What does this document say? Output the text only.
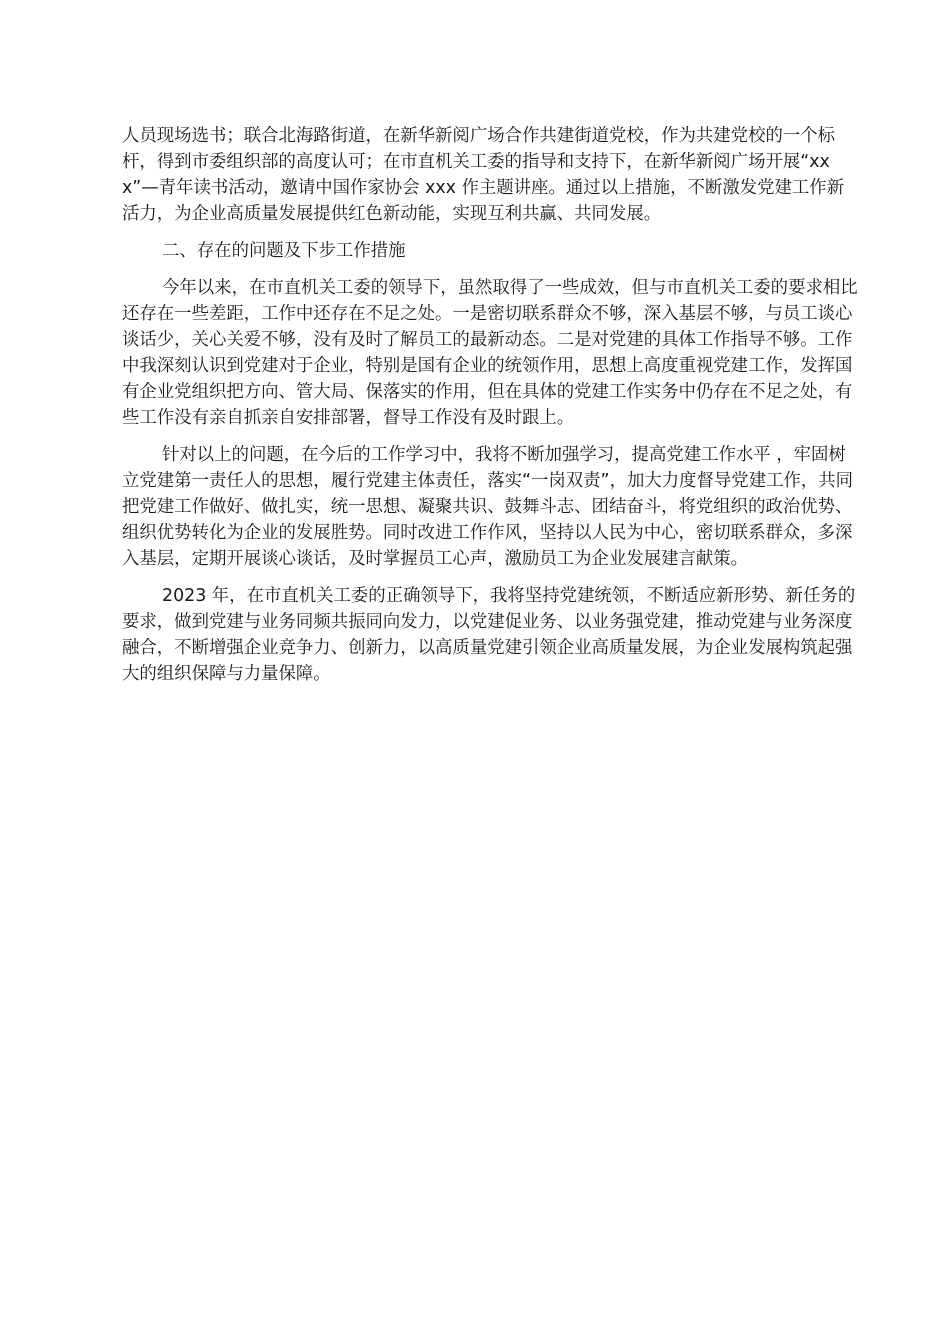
人员现场选书；联合北海路街道，在新华新阅广场合作共建街道党校，作为共建党校的一个标杆，得到市委组织部的高度认可；在市直机关工委的指导和支持下，在新华新阅广场开展“xxx”—青年读书活动，邀请中国作家协会 xxx 作主题讲座。通过以上措施，不断激发党建工作新活力，为企业高质量发展提供红色新动能，实现互利共赢、共同发展。

二、存在的问题及下步工作措施

今年以来，在市直机关工委的领导下，虽然取得了一些成效，但与市直机关工委的要求相比还存在一些差距，工作中还存在不足之处。一是密切联系群众不够，深入基层不够，与员工谈心谈话少，关心关爱不够，没有及时了解员工的最新动态。二是对党建的具体工作指导不够。工作中我深刻认识到党建对于企业，特别是国有企业的统领作用，思想上高度重视党建工作，发挥国有企业党组织把方向、管大局、保落实的作用，但在具体的党建工作实务中仍存在不足之处，有些工作没有亲自抓亲自安排部署，督导工作没有及时跟上。

针对以上的问题，在今后的工作学习中，我将不断加强学习，提高党建工作水平 ，牢固树立党建第一责任人的思想，履行党建主体责任，落实“一岗双责”，加大力度督导党建工作，共同把党建工作做好、做扎实，统一思想、凝聚共识、鼓舞斗志、团结奋斗，将党组织的政治优势、组织优势转化为企业的发展胜势。同时改进工作作风，坚持以人民为中心，密切联系群众，多深入基层，定期开展谈心谈话，及时掌握员工心声，激励员工为企业发展建言献策。

2023 年，在市直机关工委的正确领导下，我将坚持党建统领，不断适应新形势、新任务的要求，做到党建与业务同频共振同向发力，以党建促业务、以业务强党建，推动党建与业务深度融合，不断增强企业竞争力、创新力，以高质量党建引领企业高质量发展，为企业发展构筑起强大的组织保障与力量保障。
